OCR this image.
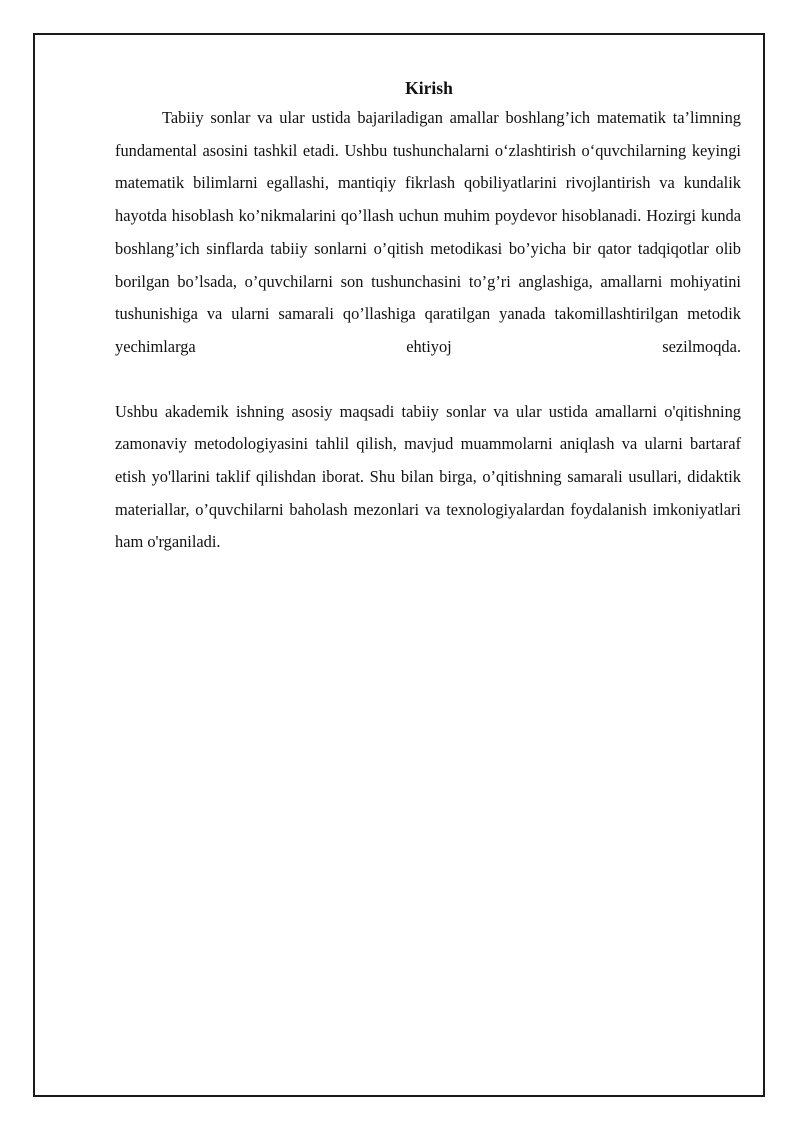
Kirish

Tabiiy sonlar va ular ustida bajariladigan amallar boshlang’ich matematik ta’limning fundamental asosini tashkil etadi. Ushbu tushunchalarni o‘zlashtirish o‘quvchilarning keyingi matematik bilimlarni egallashi, mantiqiy fikrlash qobiliyatlarini rivojlantirish va kundalik hayotda hisoblash ko’nikmalarini qo’llash uchun muhim poydevor hisoblanadi. Hozirgi kunda boshlang’ich sinflarda tabiiy sonlarni o’qitish metodikasi bo’yicha bir qator tadqiqotlar olib borilgan bo’lsada, o’quvchilarni son tushunchasini to’g’ri anglashiga, amallarni mohiyatini tushunishiga va ularni samarali qo’llashiga qaratilgan yanada takomillashtirilgan metodik yechimlarga ehtiyoj sezilmoqda.

Ushbu akademik ishning asosiy maqsadi tabiiy sonlar va ular ustida amallarni o'qitishning zamonaviy metodologiyasini tahlil qilish, mavjud muammolarni aniqlash va ularni bartaraf etish yo'llarini taklif qilishdan iborat. Shu bilan birga, o’qitishning samarali usullari, didaktik materiallar, o’quvchilarni baholash mezonlari va texnologiyalardan foydalanish imkoniyatlari ham o'rganiladi.
